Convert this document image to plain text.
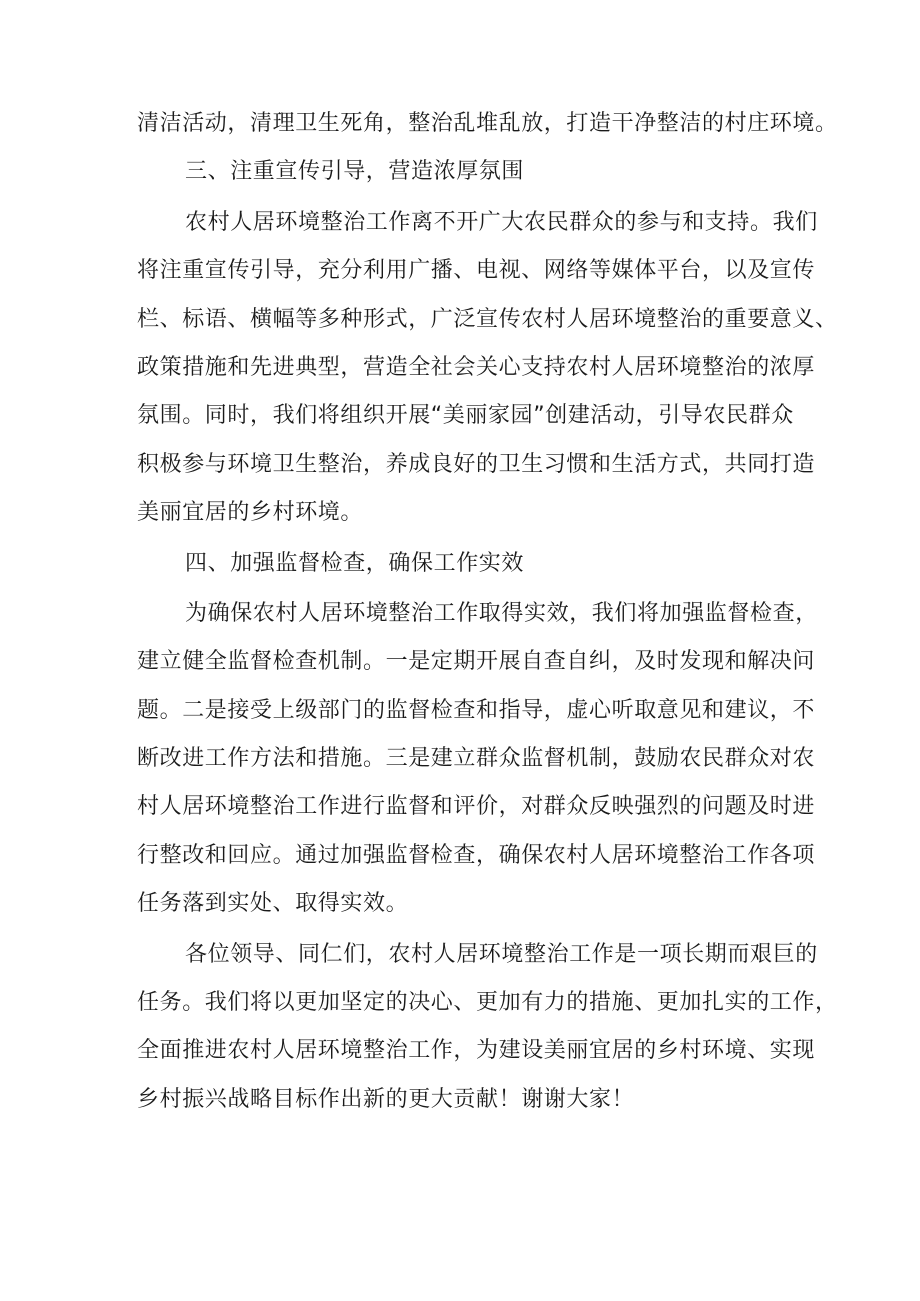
清洁活动，清理卫生死角，整治乱堆乱放，打造干净整洁的村庄环境。
三、注重宣传引导，营造浓厚氛围
农村人居环境整治工作离不开广大农民群众的参与和支持。我们
将注重宣传引导，充分利用广播、电视、网络等媒体平台，以及宣传
栏、标语、横幅等多种形式，广泛宣传农村人居环境整治的重要意义、
政策措施和先进典型，营造全社会关心支持农村人居环境整治的浓厚
氛围。同时，我们将组织开展“美丽家园”创建活动，引导农民群众
积极参与环境卫生整治，养成良好的卫生习惯和生活方式，共同打造
美丽宜居的乡村环境。
四、加强监督检查，确保工作实效
为确保农村人居环境整治工作取得实效，我们将加强监督检查，
建立健全监督检查机制。一是定期开展自查自纠，及时发现和解决问
题。二是接受上级部门的监督检查和指导，虚心听取意见和建议，不
断改进工作方法和措施。三是建立群众监督机制，鼓励农民群众对农
村人居环境整治工作进行监督和评价，对群众反映强烈的问题及时进
行整改和回应。通过加强监督检查，确保农村人居环境整治工作各项
任务落到实处、取得实效。
各位领导、同仁们，农村人居环境整治工作是一项长期而艰巨的
任务。我们将以更加坚定的决心、更加有力的措施、更加扎实的工作，
全面推进农村人居环境整治工作，为建设美丽宜居的乡村环境、实现
乡村振兴战略目标作出新的更大贡献！谢谢大家！
